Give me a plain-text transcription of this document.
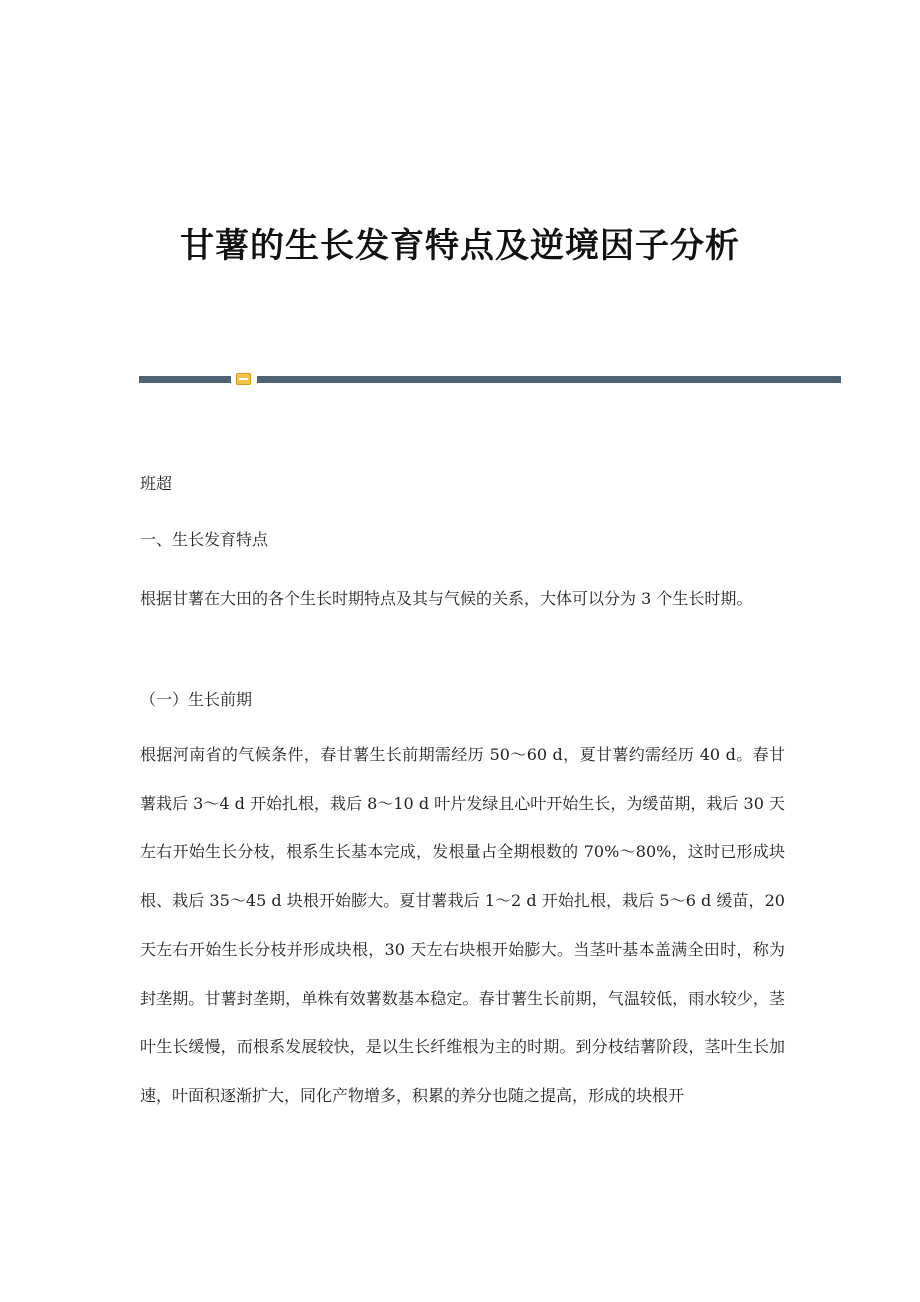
甘薯的生长发育特点及逆境因子分析

班超

一、生长发育特点

根据甘薯在大田的各个生长时期特点及其与气候的关系，大体可以分为 3 个生长时期。

（一）生长前期

根据河南省的气候条件，春甘薯生长前期需经历 50～60 d，夏甘薯约需经历 40 d。春甘薯栽后 3～4 d 开始扎根，栽后 8～10 d 叶片发绿且心叶开始生长，为缓苗期，栽后 30 天左右开始生长分枝，根系生长基本完成，发根量占全期根数的 70%～80%，这时已形成块根、栽后 35～45 d 块根开始膨大。夏甘薯栽后 1～2 d 开始扎根，栽后 5～6 d 缓苗，20 天左右开始生长分枝并形成块根，30 天左右块根开始膨大。当茎叶基本盖满全田时，称为封垄期。甘薯封垄期，单株有效薯数基本稳定。春甘薯生长前期，气温较低，雨水较少，茎叶生长缓慢，而根系发展较快，是以生长纤维根为主的时期。到分枝结薯阶段，茎叶生长加速，叶面积逐渐扩大，同化产物增多，积累的养分也随之提高，形成的块根开
